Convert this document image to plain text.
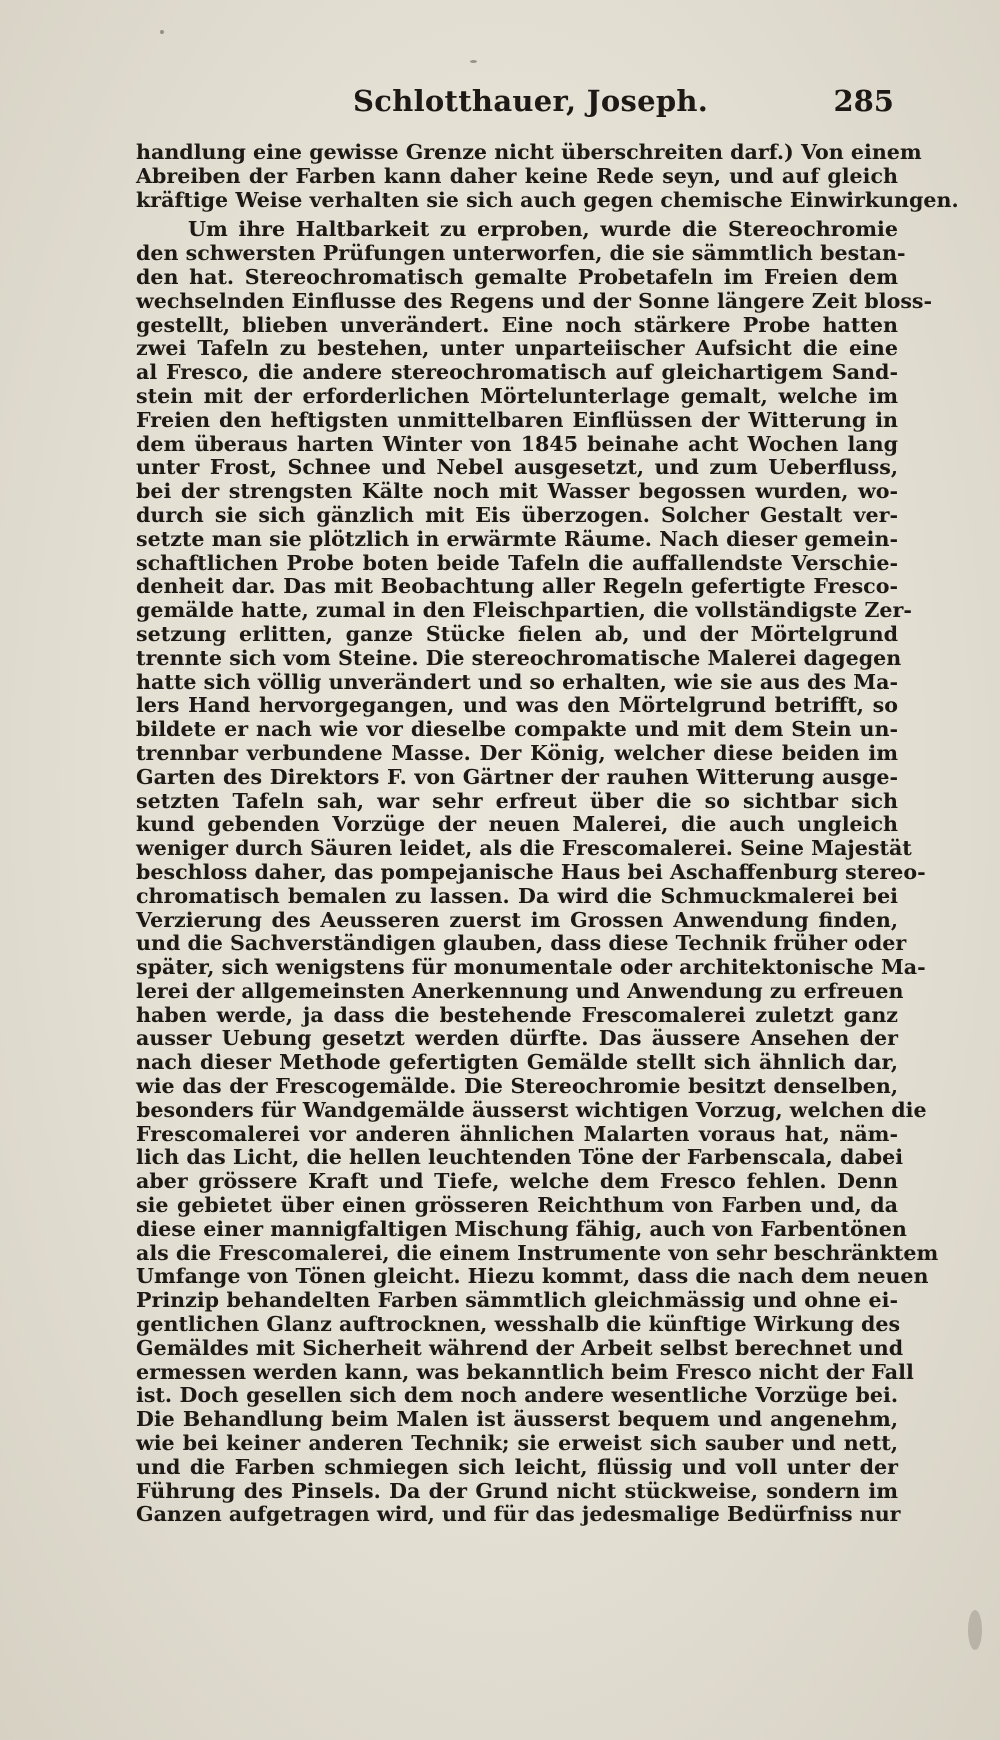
Schlotthauer, Joseph.	285
handlung eine gewisse Grenze nicht überschreiten darf.) Von einem
Abreiben der Farben kann daher keine Rede seyn, und auf gleich
kräftige Weise verhalten sie sich auch gegen chemische Einwirkungen.
Um ihre Haltbarkeit zu erproben, wurde die Stereochromie
den schwersten Prüfungen unterworfen, die sie sämmtlich bestan-
den hat. Stereochromatisch gemalte Probetafeln im Freien dem
wechselnden Einflusse des Regens und der Sonne längere Zeit bloss-
gestellt, blieben unverändert. Eine noch stärkere Probe hatten
zwei Tafeln zu bestehen, unter unparteiischer Aufsicht die eine
al Fresco, die andere stereochromatisch auf gleichartigem Sand-
stein mit der erforderlichen Mörtelunterlage gemalt, welche im
Freien den heftigsten unmittelbaren Einflüssen der Witterung in
dem überaus harten Winter von 1845 beinahe acht Wochen lang
unter Frost, Schnee und Nebel ausgesetzt, und zum Ueberfluss,
bei der strengsten Kälte noch mit Wasser begossen wurden, wo-
durch sie sich gänzlich mit Eis überzogen. Solcher Gestalt ver-
setzte man sie plötzlich in erwärmte Räume. Nach dieser gemein-
schaftlichen Probe boten beide Tafeln die auffallendste Verschie-
denheit dar. Das mit Beobachtung aller Regeln gefertigte Fresco-
gemälde hatte, zumal in den Fleischpartien, die vollständigste Zer-
setzung erlitten, ganze Stücke fielen ab, und der Mörtelgrund
trennte sich vom Steine. Die stereochromatische Malerei dagegen
hatte sich völlig unverändert und so erhalten, wie sie aus des Ma-
lers Hand hervorgegangen, und was den Mörtelgrund betrifft, so
bildete er nach wie vor dieselbe compakte und mit dem Stein un-
trennbar verbundene Masse. Der König, welcher diese beiden im
Garten des Direktors F. von Gärtner der rauhen Witterung ausge-
setzten Tafeln sah, war sehr erfreut über die so sichtbar sich
kund gebenden Vorzüge der neuen Malerei, die auch ungleich
weniger durch Säuren leidet, als die Frescomalerei. Seine Majestät
beschloss daher, das pompejanische Haus bei Aschaffenburg stereo-
chromatisch bemalen zu lassen. Da wird die Schmuckmalerei bei
Verzierung des Aeusseren zuerst im Grossen Anwendung finden,
und die Sachverständigen glauben, dass diese Technik früher oder
später, sich wenigstens für monumentale oder architektonische Ma-
lerei der allgemeinsten Anerkennung und Anwendung zu erfreuen
haben werde, ja dass die bestehende Frescomalerei zuletzt ganz
ausser Uebung gesetzt werden dürfte. Das äussere Ansehen der
nach dieser Methode gefertigten Gemälde stellt sich ähnlich dar,
wie das der Frescogemälde. Die Stereochromie besitzt denselben,
besonders für Wandgemälde äusserst wichtigen Vorzug, welchen die
Frescomalerei vor anderen ähnlichen Malarten voraus hat, näm-
lich das Licht, die hellen leuchtenden Töne der Farbenscala, dabei
aber grössere Kraft und Tiefe, welche dem Fresco fehlen. Denn
sie gebietet über einen grösseren Reichthum von Farben und, da
diese einer mannigfaltigen Mischung fähig, auch von Farbentönen
als die Frescomalerei, die einem Instrumente von sehr beschränktem
Umfange von Tönen gleicht. Hiezu kommt, dass die nach dem neuen
Prinzip behandelten Farben sämmtlich gleichmässig und ohne ei-
gentlichen Glanz auftrocknen, wesshalb die künftige Wirkung des
Gemäldes mit Sicherheit während der Arbeit selbst berechnet und
ermessen werden kann, was bekanntlich beim Fresco nicht der Fall
ist. Doch gesellen sich dem noch andere wesentliche Vorzüge bei.
Die Behandlung beim Malen ist äusserst bequem und angenehm,
wie bei keiner anderen Technik; sie erweist sich sauber und nett,
und die Farben schmiegen sich leicht, flüssig und voll unter der
Führung des Pinsels. Da der Grund nicht stückweise, sondern im
Ganzen aufgetragen wird, und für das jedesmalige Bedürfniss nur
